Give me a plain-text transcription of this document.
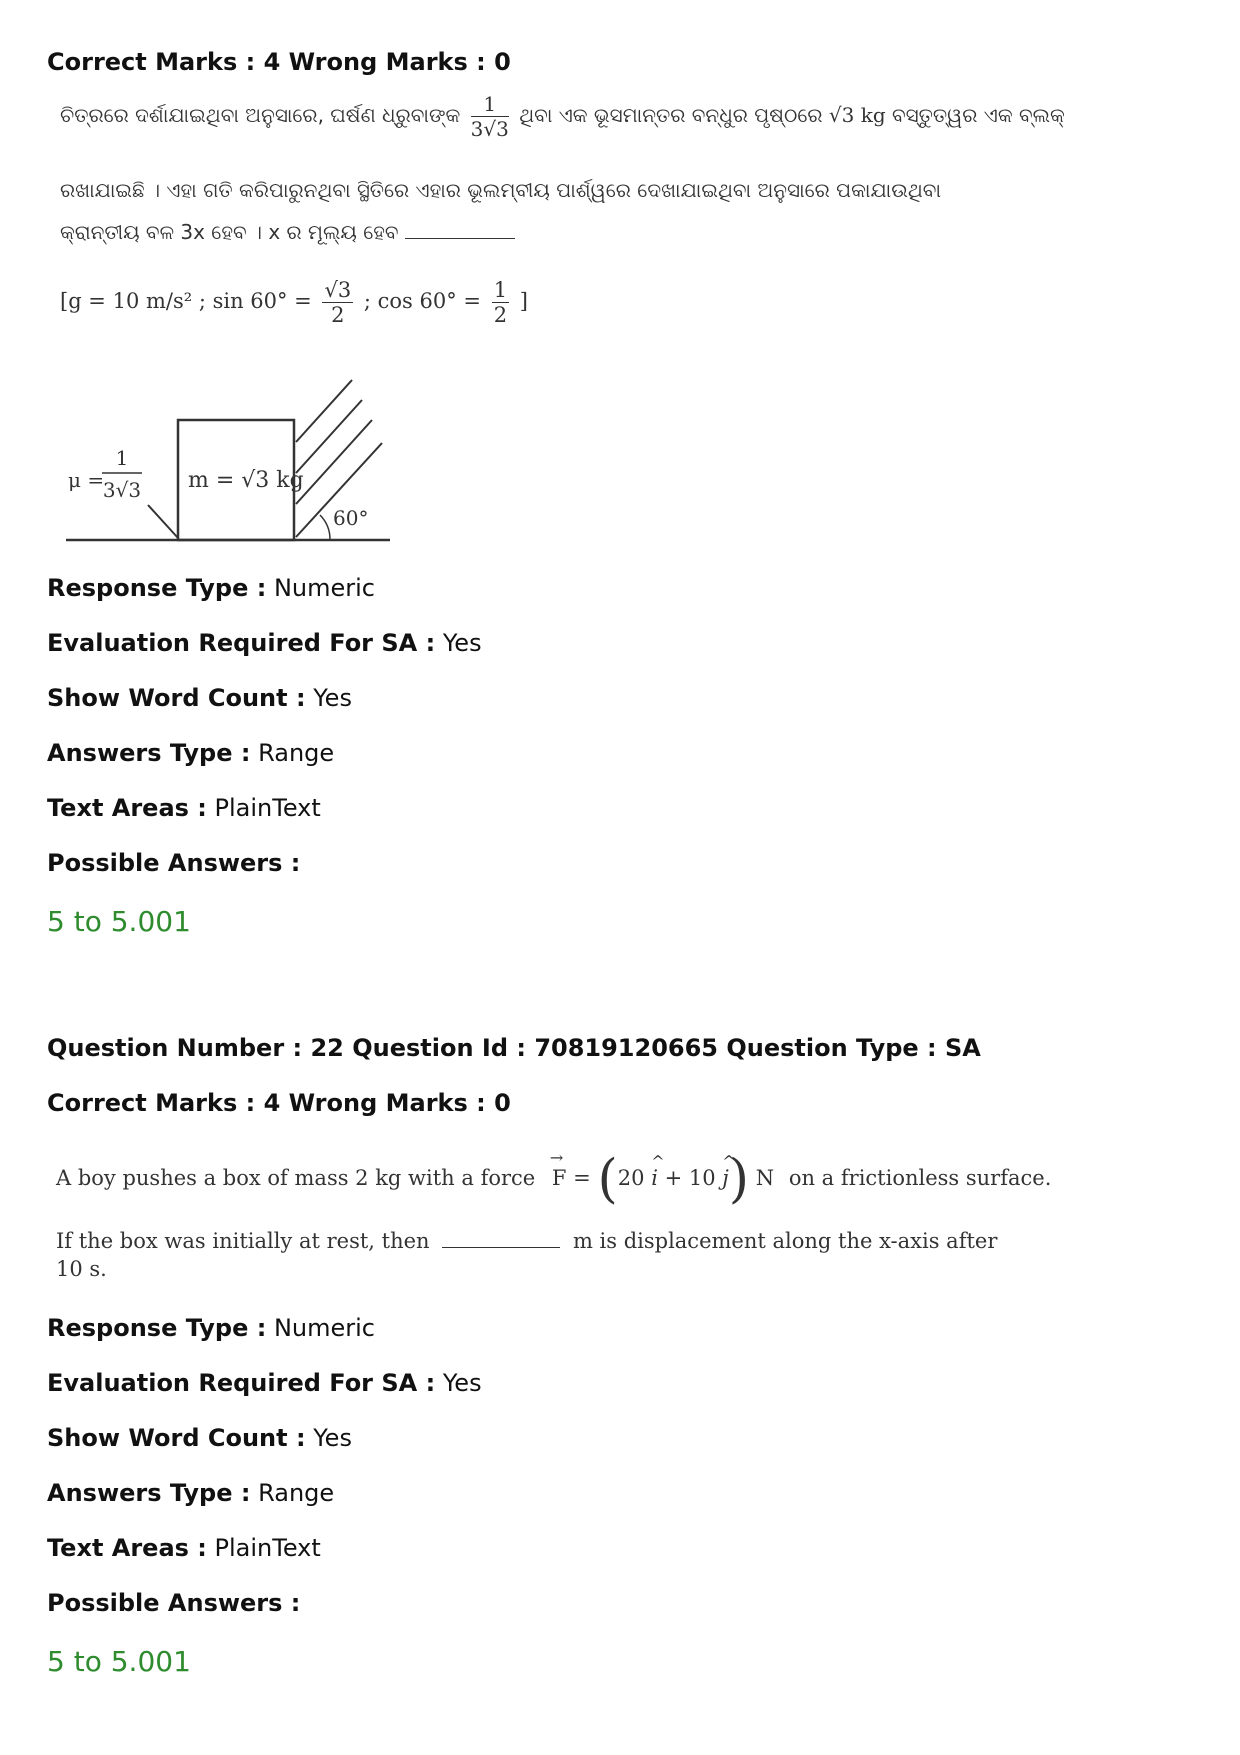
Correct Marks : 4 Wrong Marks : 0
ଚିତ୍ରରେ ଦର୍ଶାଯାଇଥିବା ଅନୁସାରେ, ଘର୍ଷଣ ଧ୍ରୁବାଙ୍କ $\frac{1}{3√3}$ ଥିବା ଏକ ଭୂସମାନ୍ତର ବନ୍ଧୁର ପୃଷ୍ଠରେ √3 kg ବସ୍ତୁତ୍ୱର ଏକ ବ୍ଲକ୍
ରଖାଯାଇଛି । ଏହା ଗତି କରିପାରୁନଥିବା ସ୍ଥିତିରେ ଏହାର ଭୂଲମ୍ବୀୟ ପାର୍ଶ୍ୱରେ ଦେଖାଯାଇଥିବା ଅନୁସାରେ ପକାଯାଉଥିବା
କ୍ରାନ୍ତୀୟ ବଳ 3x ହେବ । x ର ମୂଲ୍ୟ ହେବ
[g = 10 m/s² ; $\sin 60^\circ = \frac{√3}{2}$ ; $\cos 60^\circ = \frac{1}{2}$ ]
μ =
1
3√3 m = √3 kg
60°
Response Type : Numeric
Evaluation Required For SA : Yes
Show Word Count : Yes
Answers Type : Range
Text Areas : PlainText
Possible Answers :
5 to 5.001
Question Number : 22 Question Id : 70819120665 Question Type : SA
Correct Marks : 4 Wrong Marks : 0
A boy pushes a box of mass 2 kg with a force → F = (20 ^ i + 10 ^ j) N on a frictionless surface.
If the box was initially at rest, then	m is displacement along the x-axis after
10 s.
Response Type : Numeric
Evaluation Required For SA : Yes
Show Word Count : Yes
Answers Type : Range
Text Areas : PlainText
Possible Answers :
5 to 5.001
